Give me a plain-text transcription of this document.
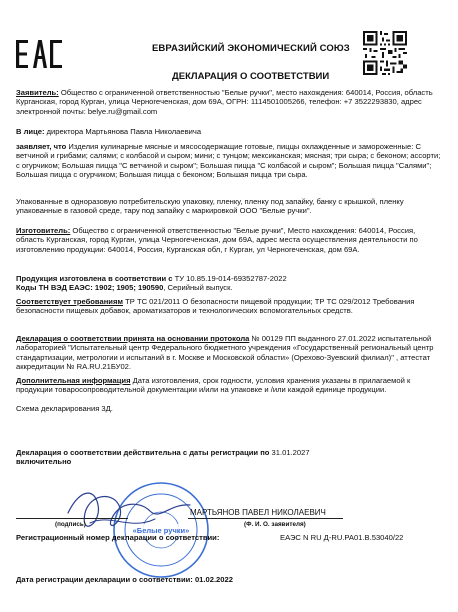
ЕВРАЗИЙСКИЙ ЭКОНОМИЧЕСКИЙ СОЮЗ
ДЕКЛАРАЦИЯ О СООТВЕТСТВИИ
Заявитель: Общество с ограниченной ответственностью "Белые ручки", место нахождения: 640014, Россия, область Курганская, город Курган, улица Черноreченская, дом 69А, ОГРН: 1114501005266, телефон: +7 3522293830, адрес электронной почты: belye.ru@gmail.com
В лице: директора Мартьянова Павла Николаевича
заявляет, что Изделия кулинарные мясные и мясосодержащие готовые, пиццы охлажденные и замороженные: С ветчиной и грибами; салями; с колбасой и сыром; мини; с тунцом; мексиканская; мясная; три сыра; с беконом; ассорти; с огурчиком; Большая пицца "С ветчиной и сыром"; Большая пицца "С колбасой и сыром"; Большая пицца "Салями"; Большая пицца с огурчиком; Большая пицца с беконом; Большая пицца три сыра.
Упакованные в одноразовую потребительскую упаковку, пленку, пленку под запайку, банку с крышкой, пленку упакованные в газовой среде, тару под запайку с маркировкой ООО "Белые ручки".
Изготовитель: Общество с ограниченной ответственностью "Белые ручки", Место нахождения: 640014, Россия, область Курганская, город Курган, улица Черноreченская, дом 69А, адрес места осуществления деятельности по изготовлению продукции: 640014, Россия, Курганская обл, г Курган, ул Черноreченская, дом 69А.
Продукция изготовлена в соответствии с ТУ 10.85.19-014-69352787-2022
Коды ТН ВЭД ЕАЭС: 1902; 1905; 190590, Серийный выпуск.
Соответствует требованиям ТР ТС 021/2011 О безопасности пищевой продукции; ТР ТС 029/2012 Требования безопасности пищевых добавок, ароматизаторов и технологических вспомогательных средств.
Декларация о соответствии принята на основании протокола № 00129 ПП выданного 27.01.2022 испытательной лабораторией "Испытательный центр Федерального бюджетного учреждения «Государственный региональный центр стандартизации, метрологии и испытаний в г. Москве и Московской области» (Орехово-Зуевский филиал)" , аттестат аккредитации № RA.RU.21БУ02.
Дополнительная информация Дата изготовления, срок годности, условия хранения указаны в прилагаемой к продукции товаросопроводительной документации и/или на упаковке и /или каждой единице продукции.
Схема декларирования 3Д.
Декларация о соответствии действительна с даты регистрации по 31.01.2027
включительно
«Белые ручки»
(подпись)
МАРТЬЯНОВ ПАВЕЛ НИКОЛАЕВИЧ
(Ф. И. О. заявителя)
Регистрационный номер декларации о соответствии:	ЕАЭС N RU Д-RU.PA01.B.53040/22
Дата регистрации декларации о соответствии: 01.02.2022
